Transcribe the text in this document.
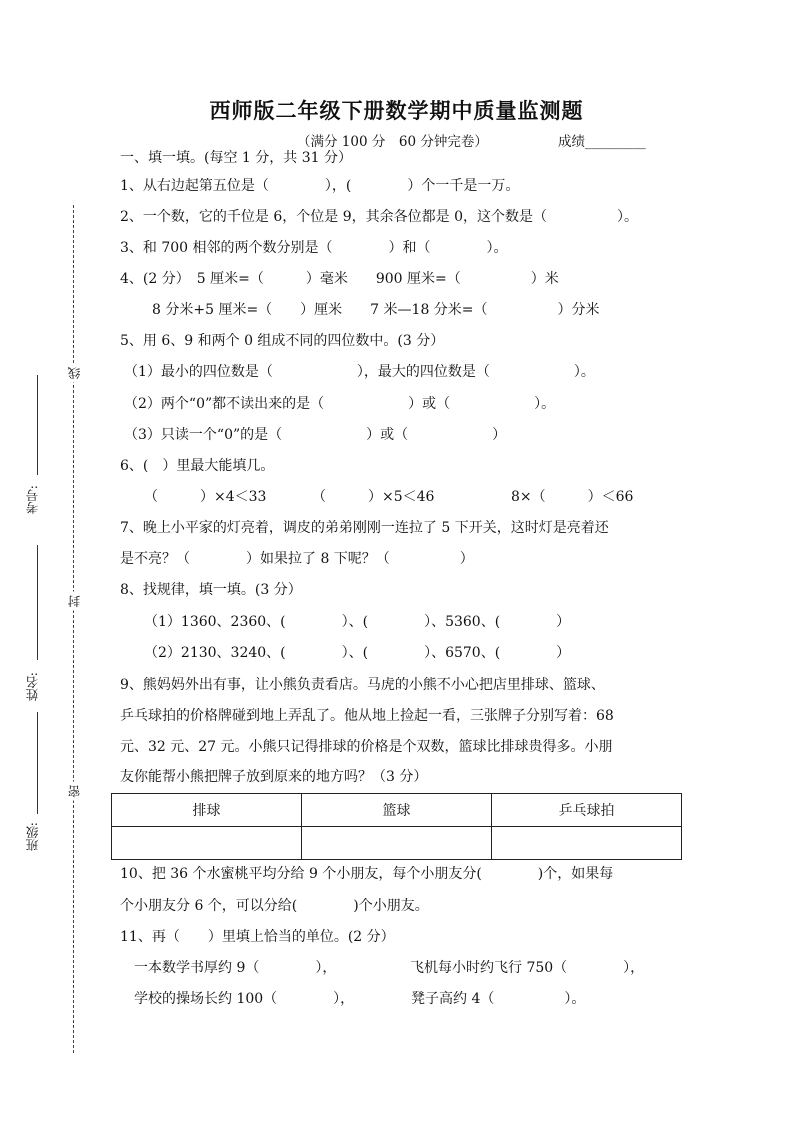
线
封
密
考号:
姓名:
班级:
西师版二年级下册数学期中质量监测题
（满分 100 分　60 分钟完卷）	成绩_________
一、填一填。(每空 1 分，共 31 分）
1、从右边起第五位是（　　　　），(　　　　）个一千是一万。
2、一个数，它的千位是 6，个位是 9，其余各位都是 0，这个数是（　　　　　）。
3、和 700 相邻的两个数分别是（　　　　）和（　　　　）。
4、(2 分）　5 厘米=（　　　）毫米　　900 厘米=（　　　　　）米
8 分米+5 厘米=（　　）厘米　　7 米—18 分米=（　　　　　）分米
5、用 6、9 和两个 0 组成不同的四位数中。(3 分）
（1）最小的四位数是（　　　　　　），最大的四位数是（　　　　　　）。
（2）两个“0”都不读出来的是（　　　　　　）或（　　　　　　）。
（3）只读一个“0”的是（　　　　　　）或（　　　　　　）
6、(　）里最大能填几。
（　　　）×4＜33	（　　　）×5＜46	8×（　　　）＜66
7、晚上小平家的灯亮着，调皮的弟弟刚刚一连拉了 5 下开关，这时灯是亮着还
是不亮？（　　　　）如果拉了 8 下呢？（　　　　　）
8、找规律，填一填。(3 分）
（1）1360、2360、(　　　　）、(　　　　）、5360、(　　　　）
（2）2130、3240、(　　　　）、(　　　　）、6570、(　　　　）
9、熊妈妈外出有事，让小熊负责看店。马虎的小熊不小心把店里排球、篮球、
乒乓球拍的价格牌碰到地上弄乱了。他从地上捡起一看，三张牌子分别写着：68
元、32 元、27 元。小熊只记得排球的价格是个双数，篮球比排球贵得多。小朋
友你能帮小熊把牌子放到原来的地方吗？（3 分）
排球	篮球	乒乓球拍

10、把 36 个水蜜桃平均分给 9 个小朋友，每个小朋友分(　　　　)个，如果每
个小朋友分 6 个，可以分给(　　　　)个小朋友。
11、再（　　）里填上恰当的单位。(2 分）
一本数学书厚约 9（　　　　），	飞机每小时约飞行 750（　　　　），
学校的操场长约 100（　　　　），	凳子高约 4（　　　　　）。
